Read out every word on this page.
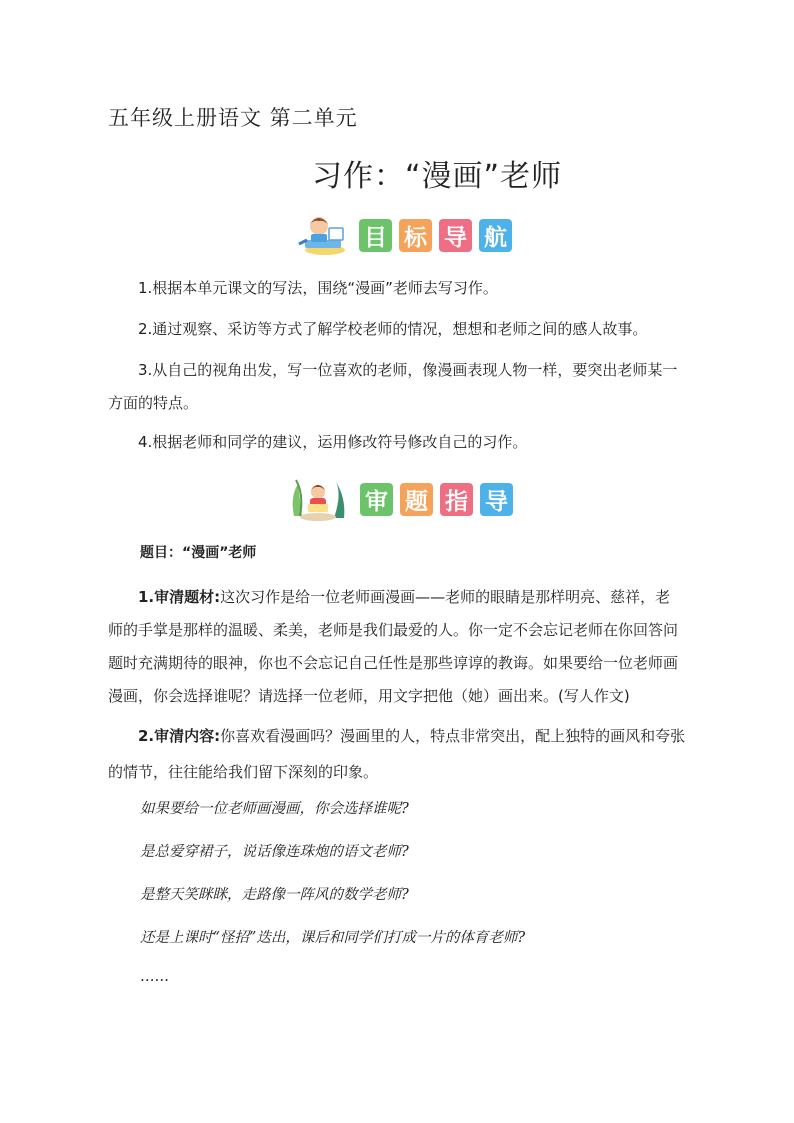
五年级上册语文 第二单元
习作：“漫画”老师
目 标 导 航
1.根据本单元课文的写法，围绕“漫画”老师去写习作。
2.通过观察、采访等方式了解学校老师的情况，想想和老师之间的感人故事。
3.从自己的视角出发，写一位喜欢的老师，像漫画表现人物一样，要突出老师某一
方面的特点。
4.根据老师和同学的建议，运用修改符号修改自己的习作。
审 题 指 导
题目：“漫画”老师
1.审清题材:这次习作是给一位老师画漫画——老师的眼睛是那样明亮、慈祥，老
师的手掌是那样的温暖、柔美，老师是我们最爱的人。你一定不会忘记老师在你回答问
题时充满期待的眼神，你也不会忘记自己任性是那些谆谆的教诲。如果要给一位老师画
漫画，你会选择谁呢？请选择一位老师，用文字把他（她）画出来。(写人作文)
2.审清内容:你喜欢看漫画吗？漫画里的人，特点非常突出，配上独特的画风和夸张
的情节，往往能给我们留下深刻的印象。
如果要给一位老师画漫画，你会选择谁呢?
是总爱穿裙子，说话像连珠炮的语文老师?
是整天笑眯眯，走路像一阵风的数学老师?
还是上课时“怪招”迭出，课后和同学们打成一片的体育老师?
……
